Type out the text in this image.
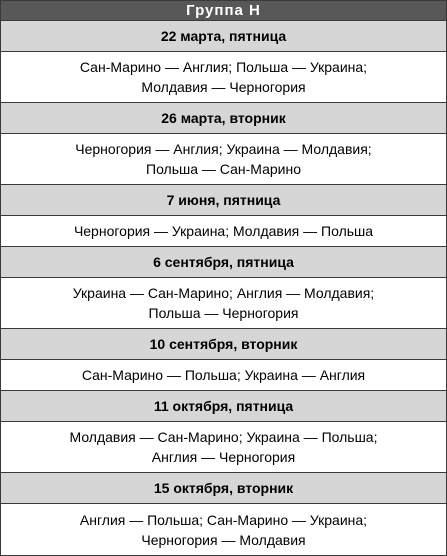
Группа H
22 марта, пятница
Сан-Марино — Англия; Польша — Украина;
Молдавия — Черногория
26 марта, вторник
Черногория — Англия; Украина — Молдавия;
Польша — Сан-Марино
7 июня, пятница
Черногория — Украина; Молдавия — Польша
6 сентября, пятница
Украина — Сан-Марино; Англия — Молдавия;
Польша — Черногория
10 сентября, вторник
Сан-Марино — Польша; Украина — Англия
11 октября, пятница
Молдавия — Сан-Марино; Украина — Польша;
Англия — Черногория
15 октября, вторник
Англия — Польша; Сан-Марино — Украина;
Черногория — Молдавия
